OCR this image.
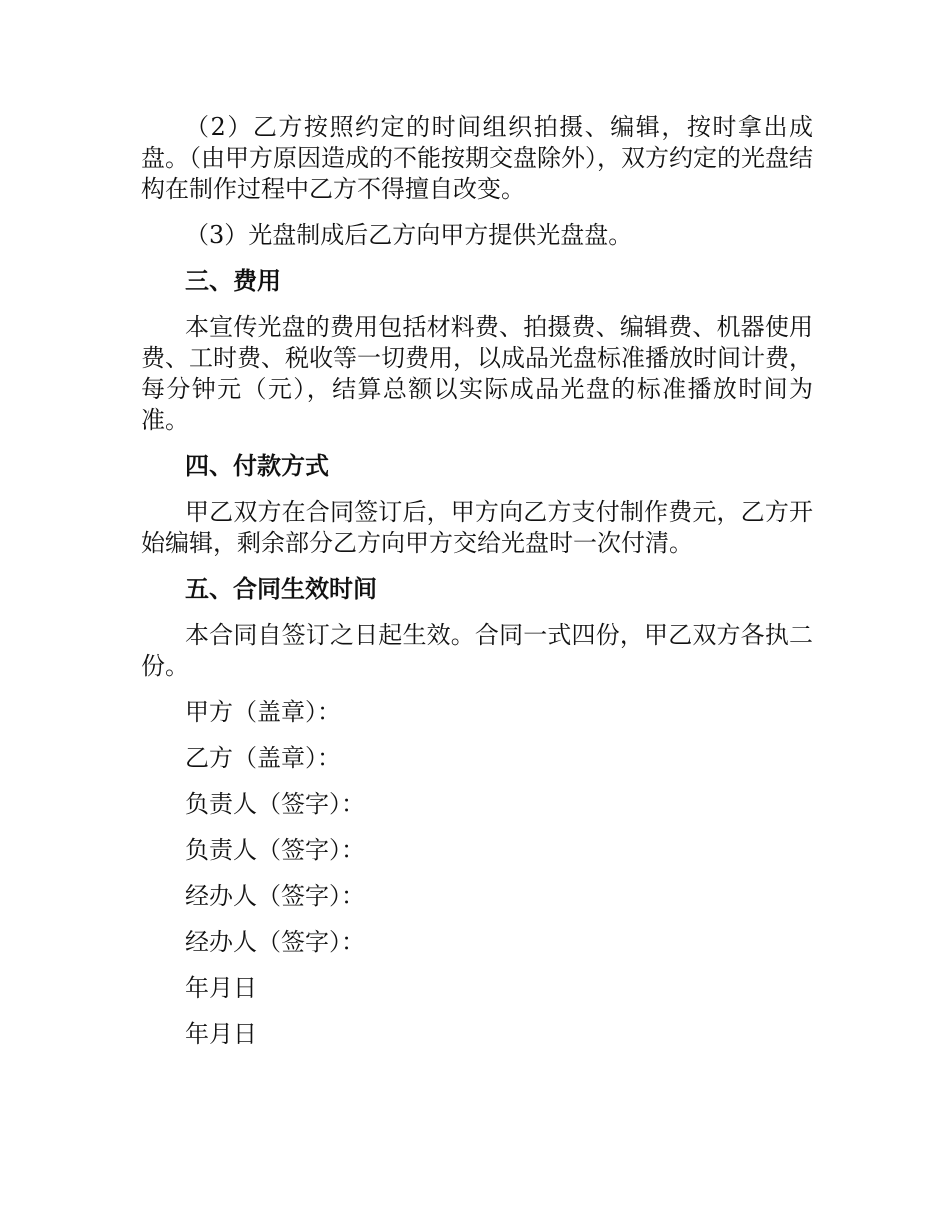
（2）乙方按照约定的时间组织拍摄、编辑，按时拿出成盘。（由甲方原因造成的不能按期交盘除外），双方约定的光盘结构在制作过程中乙方不得擅自改变。

（3）光盘制成后乙方向甲方提供光盘盘。

三、费用

本宣传光盘的费用包括材料费、拍摄费、编辑费、机器使用费、工时费、税收等一切费用，以成品光盘标准播放时间计费，每分钟元（元），结算总额以实际成品光盘的标准播放时间为准。

四、付款方式

甲乙双方在合同签订后，甲方向乙方支付制作费元，乙方开始编辑，剩余部分乙方向甲方交给光盘时一次付清。

五、合同生效时间

本合同自签订之日起生效。合同一式四份，甲乙双方各执二份。

甲方（盖章）：

乙方（盖章）：

负责人（签字）：

负责人（签字）：

经办人（签字）：

经办人（签字）：

年月日

年月日
